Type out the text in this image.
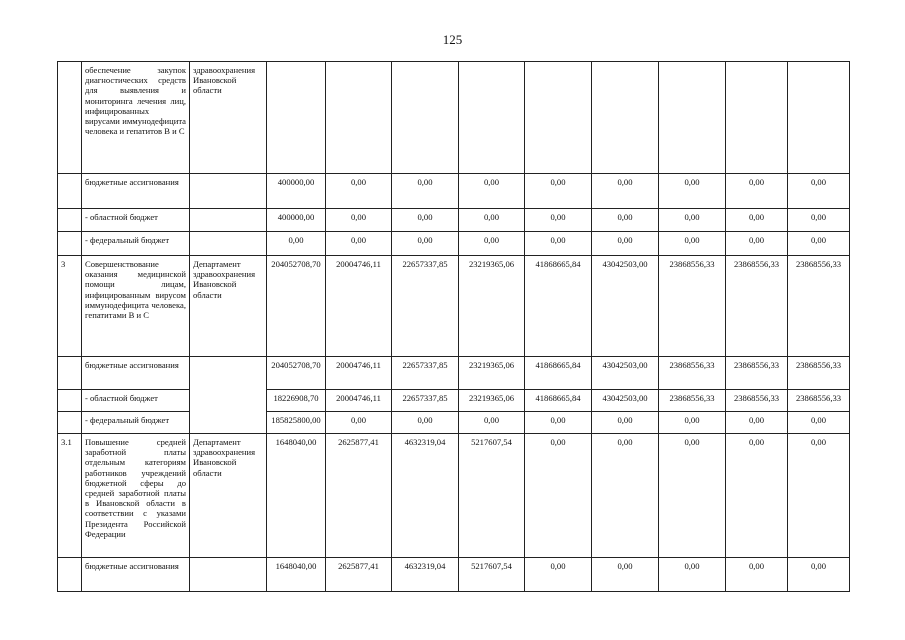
125
	обеспечение закупок диагностических средств для выявления и мониторинга лечения лиц, инфицированных вирусами иммунодефицита человека и гепатитов В и С	здравоохранения Ивановской области									
	бюджетные ассигнования		400000,00	0,00	0,00	0,00	0,00	0,00	0,00	0,00	0,00
	- областной бюджет		400000,00	0,00	0,00	0,00	0,00	0,00	0,00	0,00	0,00
	- федеральный бюджет		0,00	0,00	0,00	0,00	0,00	0,00	0,00	0,00	0,00
3	Совершенствование оказания медицинской помощи лицам, инфицированным вирусом иммунодефицита человека, гепатитами В и С	Департамент здравоохранения Ивановской области	204052708,70	20004746,11	22657337,85	23219365,06	41868665,84	43042503,00	23868556,33	23868556,33	23868556,33
	бюджетные ассигнования		204052708,70	20004746,11	22657337,85	23219365,06	41868665,84	43042503,00	23868556,33	23868556,33	23868556,33
	- областной бюджет		18226908,70	20004746,11	22657337,85	23219365,06	41868665,84	43042503,00	23868556,33	23868556,33	23868556,33
	- федеральный бюджет		185825800,00	0,00	0,00	0,00	0,00	0,00	0,00	0,00	0,00
3.1	Повышение средней заработной платы отдельным категориям работников учреждений бюджетной сферы до средней заработной платы в Ивановской области в соответствии с указами Президента Российской Федерации	Департамент здравоохранения Ивановской области	1648040,00	2625877,41	4632319,04	5217607,54	0,00	0,00	0,00	0,00	0,00
	бюджетные ассигнования		1648040,00	2625877,41	4632319,04	5217607,54	0,00	0,00	0,00	0,00	0,00
